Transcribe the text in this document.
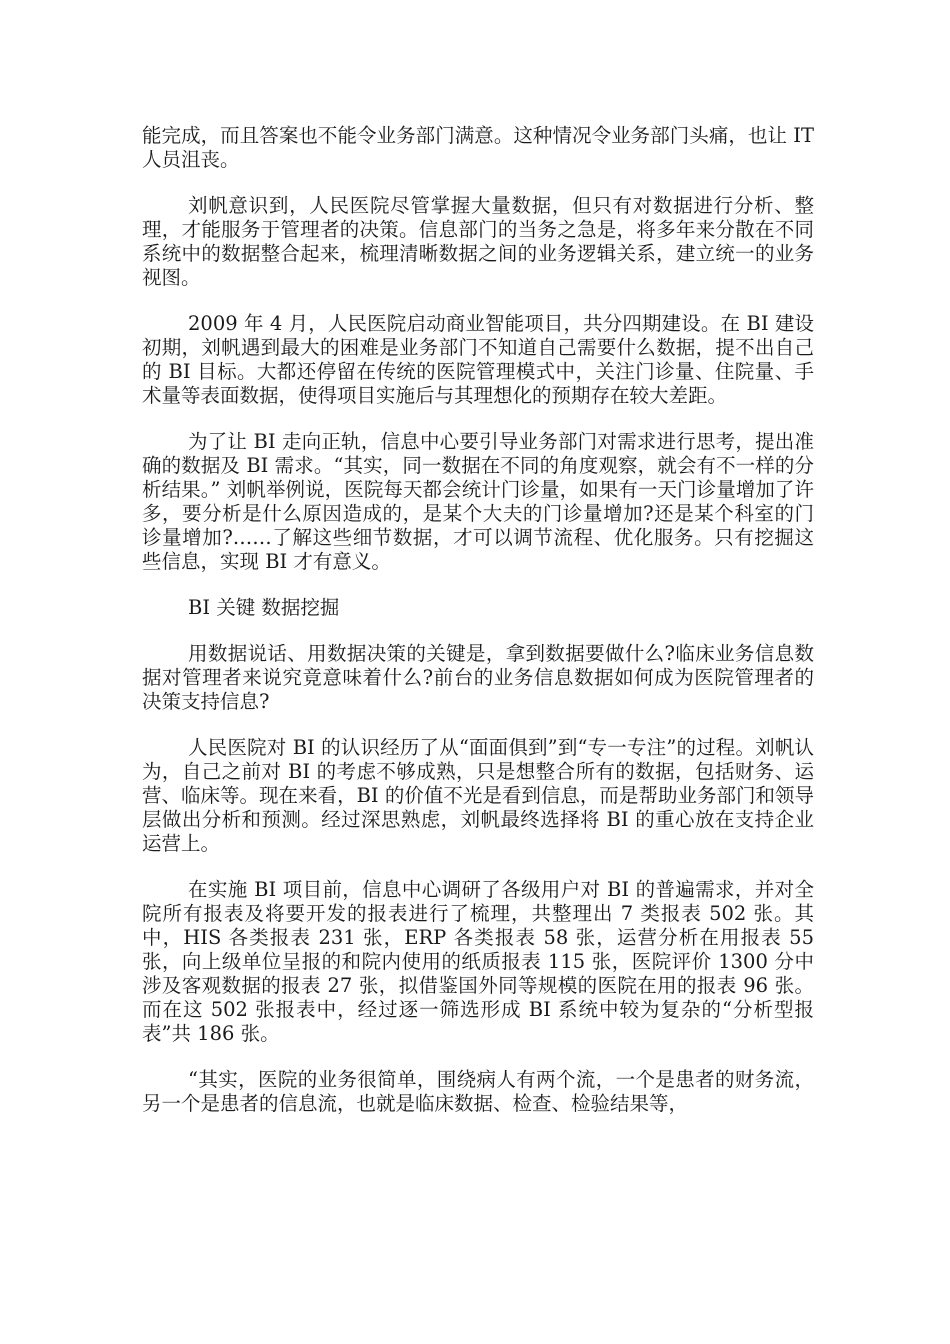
能完成，而且答案也不能令业务部门满意。这种情况令业务部门头痛，也让 IT 人员沮丧。

刘帆意识到，人民医院尽管掌握大量数据，但只有对数据进行分析、整理，才能服务于管理者的决策。信息部门的当务之急是，将多年来分散在不同系统中的数据整合起来，梳理清晰数据之间的业务逻辑关系，建立统一的业务视图。

2009 年 4 月，人民医院启动商业智能项目，共分四期建设。在 BI 建设初期，刘帆遇到最大的困难是业务部门不知道自己需要什么数据，提不出自己的 BI 目标。大都还停留在传统的医院管理模式中，关注门诊量、住院量、手术量等表面数据，使得项目实施后与其理想化的预期存在较大差距。

为了让 BI 走向正轨，信息中心要引导业务部门对需求进行思考，提出准确的数据及 BI 需求。“其实，同一数据在不同的角度观察，就会有不一样的分析结果。” 刘帆举例说，医院每天都会统计门诊量，如果有一天门诊量增加了许多，要分析是什么原因造成的，是某个大夫的门诊量增加?还是某个科室的门诊量增加?……了解这些细节数据，才可以调节流程、优化服务。只有挖掘这些信息，实现 BI 才有意义。

BI 关键 数据挖掘

用数据说话、用数据决策的关键是，拿到数据要做什么?临床业务信息数据对管理者来说究竟意味着什么?前台的业务信息数据如何成为医院管理者的决策支持信息?

人民医院对 BI 的认识经历了从“面面俱到”到“专一专注”的过程。刘帆认为，自己之前对 BI 的考虑不够成熟，只是想整合所有的数据，包括财务、运营、临床等。现在来看，BI 的价值不光是看到信息，而是帮助业务部门和领导层做出分析和预测。经过深思熟虑，刘帆最终选择将 BI 的重心放在支持企业运营上。

在实施 BI 项目前，信息中心调研了各级用户对 BI 的普遍需求，并对全院所有报表及将要开发的报表进行了梳理，共整理出 7 类报表 502 张。其中，HIS 各类报表 231 张，ERP 各类报表 58 张，运营分析在用报表 55 张，向上级单位呈报的和院内使用的纸质报表 115 张，医院评价 1300 分中涉及客观数据的报表 27 张，拟借鉴国外同等规模的医院在用的报表 96 张。而在这 502 张报表中，经过逐一筛选形成 BI 系统中较为复杂的“分析型报表”共 186 张。

“其实，医院的业务很简单，围绕病人有两个流，一个是患者的财务流，另一个是患者的信息流，也就是临床数据、检查、检验结果等，
